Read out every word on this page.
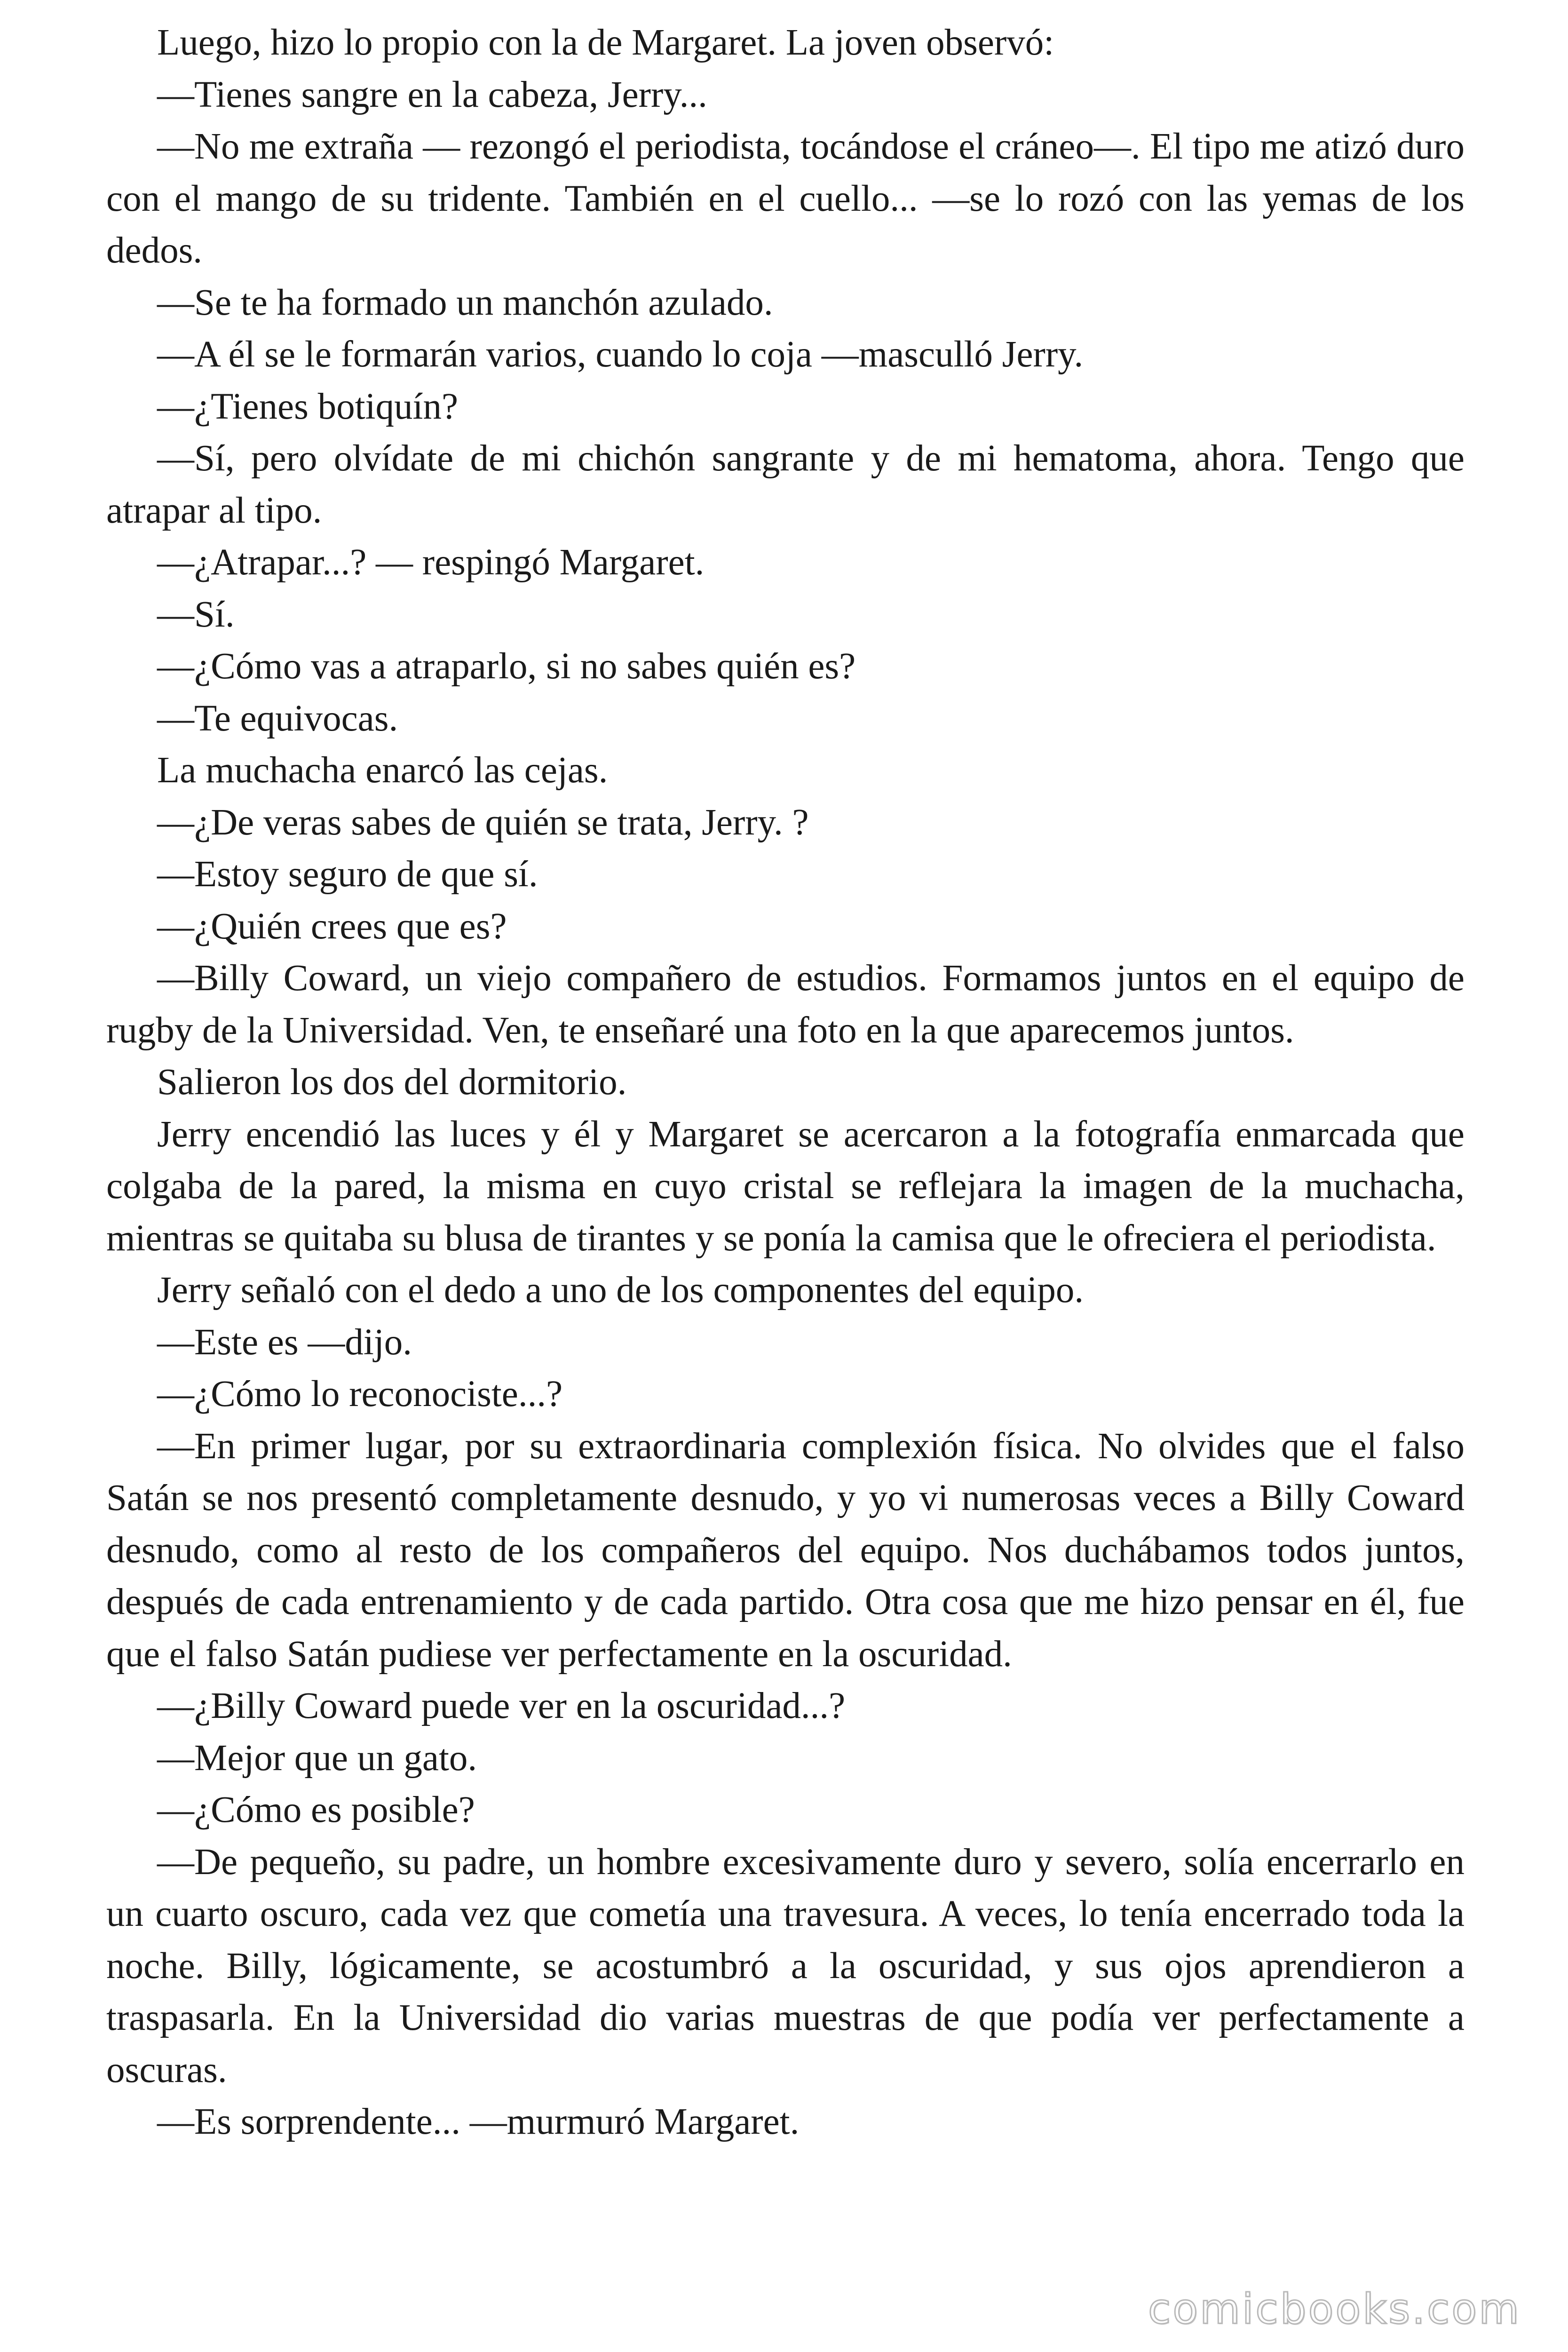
Luego, hizo lo propio con la de Margaret. La joven observó:

—Tienes sangre en la cabeza, Jerry...

—No me extraña — rezongó el periodista, tocándose el cráneo—. El tipo me atizó duro con el mango de su tridente. También en el cuello... —se lo rozó con las yemas de los dedos.

—Se te ha formado un manchón azulado.

—A él se le formarán varios, cuando lo coja —masculló Jerry.

—¿Tienes botiquín?

—Sí, pero olvídate de mi chichón sangrante y de mi hematoma, ahora. Tengo que atrapar al tipo.

—¿Atrapar...? — respingó Margaret.

—Sí.

—¿Cómo vas a atraparlo, si no sabes quién es?

—Te equivocas.

La muchacha enarcó las cejas.

—¿De veras sabes de quién se trata, Jerry. ?

—Estoy seguro de que sí.

—¿Quién crees que es?

—Billy Coward, un viejo compañero de estudios. Formamos juntos en el equipo de rugby de la Universidad. Ven, te enseñaré una foto en la que aparecemos juntos.

Salieron los dos del dormitorio.

Jerry encendió las luces y él y Margaret se acercaron a la fotografía enmarcada que colgaba de la pared, la misma en cuyo cristal se reflejara la imagen de la muchacha, mientras se quitaba su blusa de tirantes y se ponía la camisa que le ofreciera el periodista.

Jerry señaló con el dedo a uno de los componentes del equipo.

—Este es —dijo.

—¿Cómo lo reconociste...?

—En primer lugar, por su extraordinaria complexión física. No olvides que el falso Satán se nos presentó completamente desnudo, y yo vi numerosas veces a Billy Coward desnudo, como al resto de los compañeros del equipo. Nos duchábamos todos juntos, después de cada entrenamiento y de cada partido. Otra cosa que me hizo pensar en él, fue que el falso Satán pudiese ver perfectamente en la oscuridad.

—¿Billy Coward puede ver en la oscuridad...?

—Mejor que un gato.

—¿Cómo es posible?

—De pequeño, su padre, un hombre excesivamente duro y severo, solía encerrarlo en un cuarto oscuro, cada vez que cometía una travesura. A veces, lo tenía encerrado toda la noche. Billy, lógicamente, se acostumbró a la oscuridad, y sus ojos aprendieron a traspasarla. En la Universidad dio varias muestras de que podía ver perfectamente a oscuras.

—Es sorprendente... —murmuró Margaret.

comicbooks.com
